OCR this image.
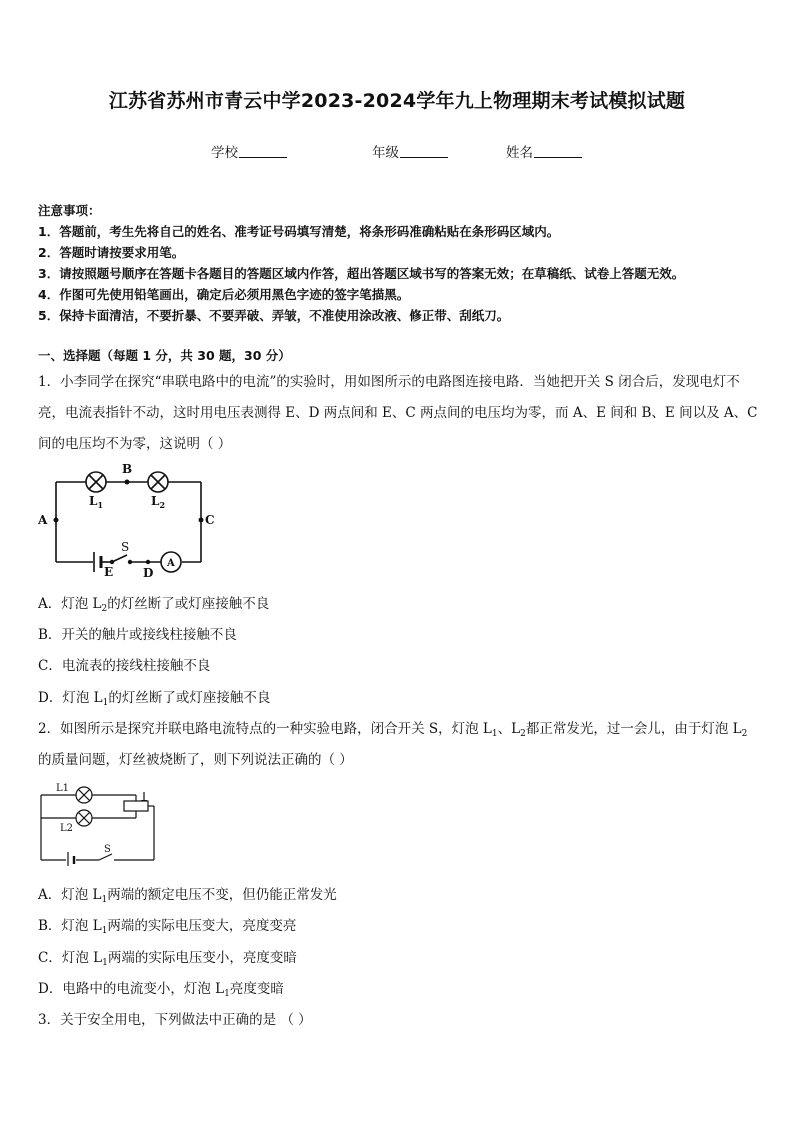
江苏省苏州市青云中学2023-2024学年九上物理期末考试模拟试题
学校	年级	姓名
注意事项：
1．答题前，考生先将自己的姓名、准考证号码填写清楚，将条形码准确粘贴在条形码区域内。
2．答题时请按要求用笔。
3．请按照题号顺序在答题卡各题目的答题区域内作答，超出答题区域书写的答案无效；在草稿纸、试卷上答题无效。
4．作图可先使用铅笔画出，确定后必须用黑色字迹的签字笔描黑。
5．保持卡面清洁，不要折暴、不要弄破、弄皱，不准使用涂改液、修正带、刮纸刀。
一、选择题（每题 1 分，共 30 题，30 分）
1．小李同学在探究“串联电路中的电流”的实验时，用如图所示的电路图连接电路．当她把开关 S 闭合后，发现电灯不
亮，电流表指针不动，这时用电压表测得 E、D 两点间和 E、C 两点间的电压均为零，而 A、E 间和 B、E 间以及 A、C
间的电压均不为零，这说明（ ）
B
A	C
D
E
S
A
$L_1$	$L_2$
A．灯泡 $L_2$的灯丝断了或灯座接触不良
B．开关的触片或接线柱接触不良
C．电流表的接线柱接触不良
D．灯泡 $L_1$的灯丝断了或灯座接触不良
2．如图所示是探究并联电路电流特点的一种实验电路，闭合开关 S，灯泡 $L_1$、$L_2$都正常发光，过一会儿，由于灯泡 $L_2$
的质量问题，灯丝被烧断了，则下列说法正确的（ ）
L1
L2
S
A．灯泡 $L_1$两端的额定电压不变，但仍能正常发光
B．灯泡 $L_1$两端的实际电压变大，亮度变亮
C．灯泡 $L_1$两端的实际电压变小，亮度变暗
D．电路中的电流变小，灯泡 $L_1$亮度变暗
3．关于安全用电，下列做法中正确的是 （ ）
